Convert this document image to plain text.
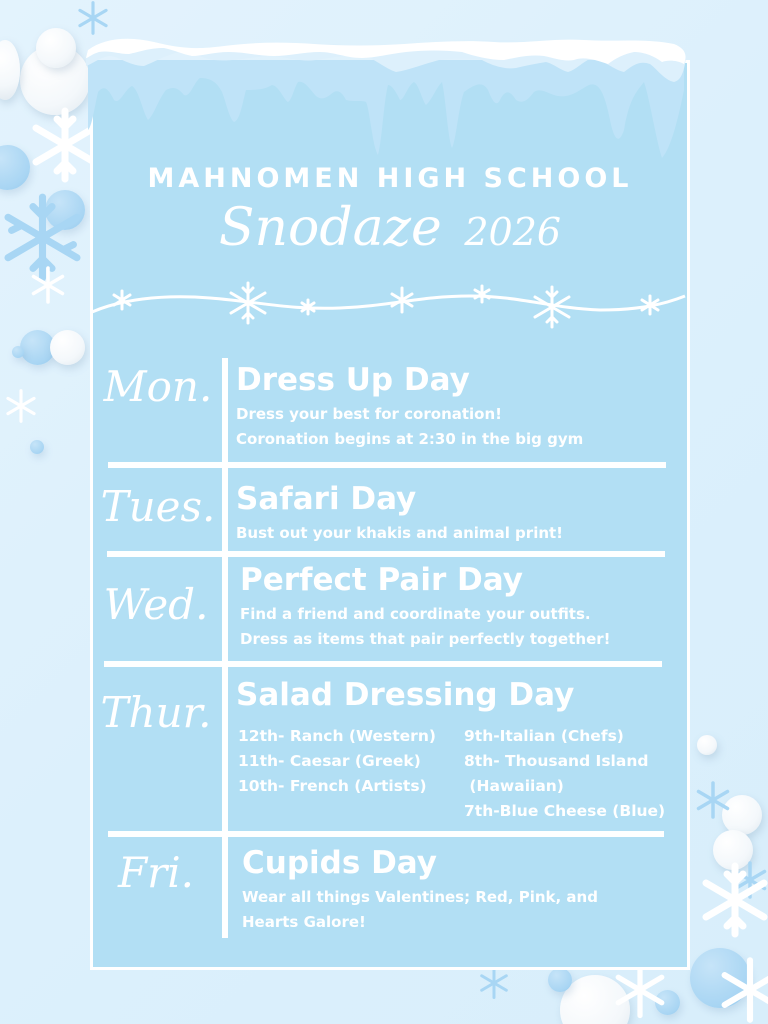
MAHNOMEN HIGH SCHOOL
Snodaze 2026
Mon. Dress Up Day
Dress your best for coronation!
Coronation begins at 2:30 in the big gym
Tues. Safari Day
Bust out your khakis and animal print!
Wed. Perfect Pair Day
Find a friend and coordinate your outfits.
Dress as items that pair perfectly together!
Thur. Salad Dressing Day
12th- Ranch (Western)
11th- Caesar (Greek)
10th- French (Artists)
9th-Italian (Chefs)
8th- Thousand Island
(Hawaiian)
7th-Blue Cheese (Blue)
Fri.	Cupids Day
Wear all things Valentines; Red, Pink, and
Hearts Galore!
